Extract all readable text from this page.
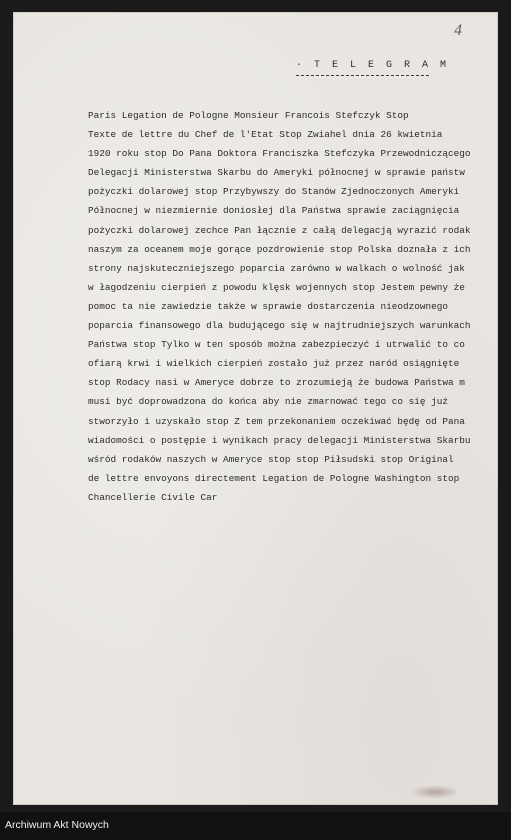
4
· T E L E G R A M
Paris Legation de Pologne Monsieur Francois Stefczyk Stop
Texte de lettre du Chef de l'Etat Stop Zwiahel dnia 26 kwietnia
1920 roku stop Do Pana Doktora Franciszka Stefczyka Przewodniczącego
Delegacji Ministerstwa Skarbu do Ameryki północnej w sprawie państw
pożyczki dolarowej stop Przybywszy do Stanów Zjednoczonych Ameryki
Północnej w niezmiernie doniosłej dla Państwa sprawie zaciągnięcia
pożyczki dolarowej zechce Pan łącznie z całą delegacją wyrazić rodak
naszym za oceanem moje gorące pozdrowienie stop Polska doznała z ich
strony najskuteczniejszego poparcia zarówno w walkach o wolność jak
w łagodzeniu cierpień z powodu klęsk wojennych stop Jestem pewny że
pomoc ta nie zawiedzie także w sprawie dostarczenia nieodzownego
poparcia finansowego dla budującego się w najtrudniejszych warunkach
Państwa stop Tylko w ten sposób można zabezpieczyć i utrwalić to co
ofiarą krwi i wielkich cierpień zostało już przez naród osiągnięte
stop Rodacy nasi w Ameryce dobrze to zrozumieją że budowa Państwa m
musi być doprowadzona do końca aby nie zmarnować tego co się już
stworzyło i uzyskało stop Z tem przekonaniem oczekiwać będę od Pana
wiadomości o postępie i wynikach pracy delegacji Ministerstwa Skarbu
wśród rodaków naszych w Ameryce stop stop Piłsudski stop Original
de lettre envoyons directement Legation de Pologne Washington stop
Chancellerie Civile Car
Archiwum Akt Nowych
